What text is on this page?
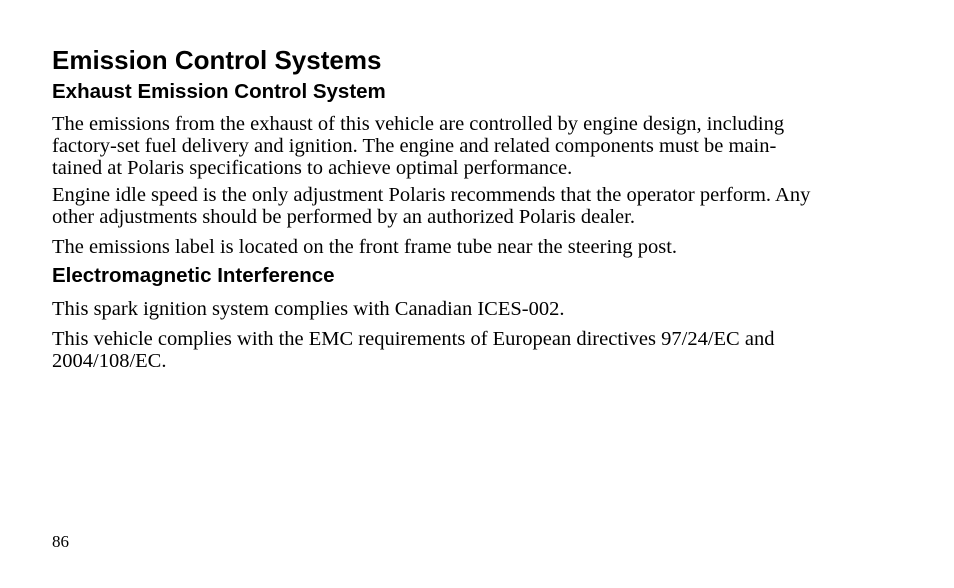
Emission Control Systems
Exhaust Emission Control System
The emissions from the exhaust of this vehicle are controlled by engine design, including
factory-set fuel delivery and ignition. The engine and related components must be main-
tained at Polaris specifications to achieve optimal performance.
Engine idle speed is the only adjustment Polaris recommends that the operator perform. Any
other adjustments should be performed by an authorized Polaris dealer.
The emissions label is located on the front frame tube near the steering post.
Electromagnetic Interference
This spark ignition system complies with Canadian ICES-002.
This vehicle complies with the EMC requirements of European directives 97/24/EC and
2004/108/EC.
86
